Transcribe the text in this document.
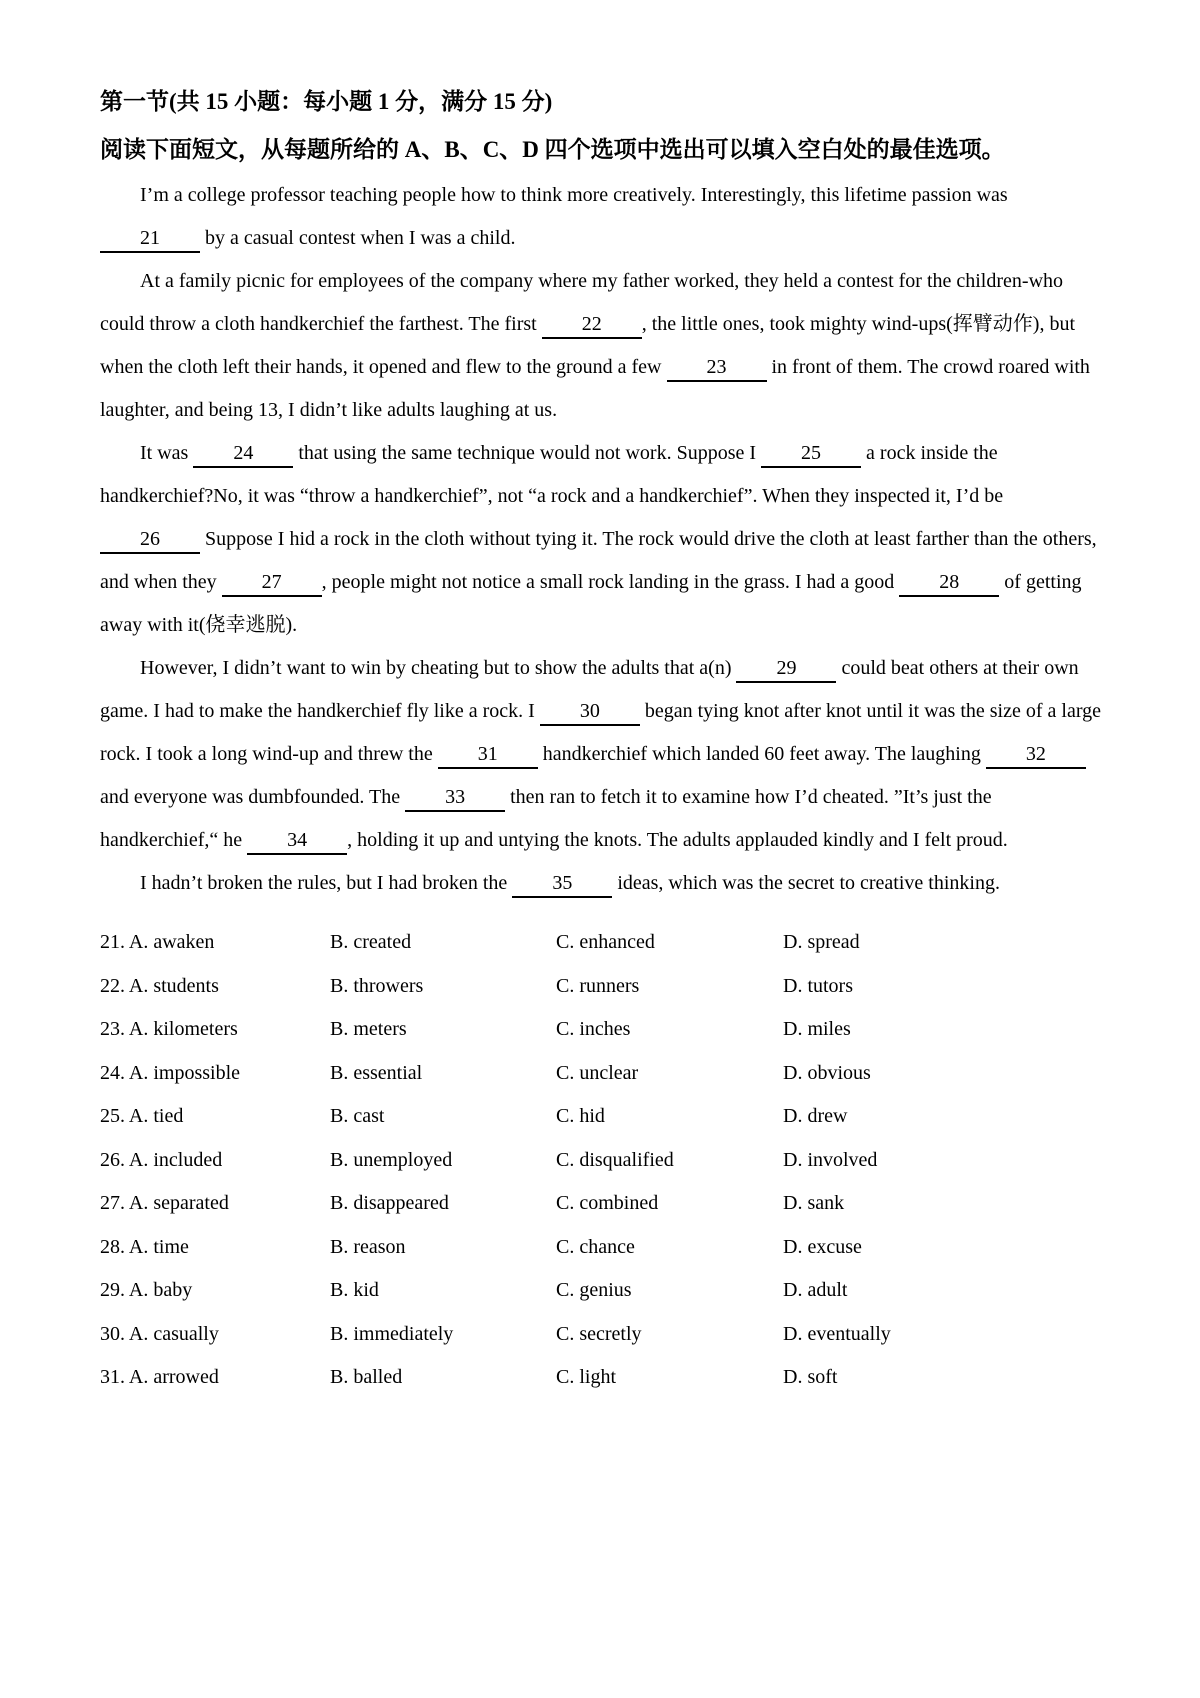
第一节(共 15 小题：每小题 1 分，满分 15 分)

阅读下面短文，从每题所给的 A、B、C、D 四个选项中选出可以填入空白处的最佳选项。

I’m a college professor teaching people how to think more creatively. Interestingly, this lifetime passion was 21 by a casual contest when I was a child.

At a family picnic for employees of the company where my father worked, they held a contest for the children-who could throw a cloth handkerchief the farthest. The first 22 , the little ones, took mighty wind-ups(挥臂动作), but when the cloth left their hands, it opened and flew to the ground a few 23 in front of them. The crowd roared with laughter, and being 13, I didn’t like adults laughing at us.

It was 24 that using the same technique would not work. Suppose I 25 a rock inside the handkerchief?No, it was “throw a handkerchief”, not “a rock and a handkerchief”. When they inspected it, I’d be 26 Suppose I hid a rock in the cloth without tying it. The rock would drive the cloth at least farther than the others, and when they 27 , people might not notice a small rock landing in the grass. I had a good 28 of getting away with it(侥幸逃脱).

However, I didn’t want to win by cheating but to show the adults that a(n) 29 could beat others at their own game. I had to make the handkerchief fly like a rock. I 30 began tying knot after knot until it was the size of a large rock. I took a long wind-up and threw the 31 handkerchief which landed 60 feet away. The laughing 32 and everyone was dumbfounded. The 33 then ran to fetch it to examine how I’d cheated. ”It’s just the handkerchief,“ he 34 , holding it up and untying the knots. The adults applauded kindly and I felt proud.

I hadn’t broken the rules, but I had broken the 35 ideas, which was the secret to creative thinking.

21. A. awaken	B. created	C. enhanced	D. spread
22. A. students	B. throwers	C. runners	D. tutors
23. A. kilometers	B. meters	C. inches	D. miles
24. A. impossible	B. essential	C. unclear	D. obvious
25. A. tied	B. cast	C. hid	D. drew
26. A. included	B. unemployed	C. disqualified	D. involved
27. A. separated	B. disappeared	C. combined	D. sank
28. A. time	B. reason	C. chance	D. excuse
29. A. baby	B. kid	C. genius	D. adult
30. A. casually	B. immediately	C. secretly	D. eventually
31. A. arrowed	B. balled	C. light	D. soft
